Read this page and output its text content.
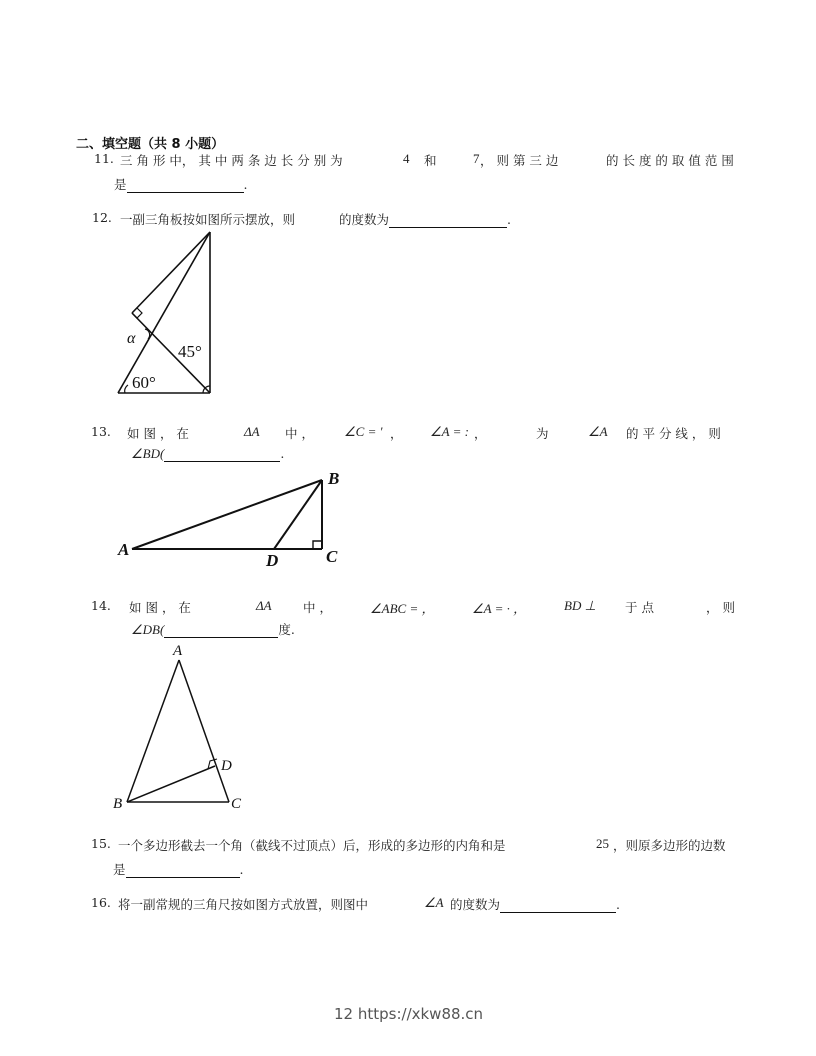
二、填空题（共 8 小题）
11. 三 角 形 中， 其 中 两 条 边 长 分 别 为	4 和	7 ， 则 第 三 边	的 长 度 的 取 值 范 围
是	.
12. 一副三角板按如图所示摆放，则	的度数为	.
α
45°
60°
13. 如 图 ， 在	ΔA 中 ， ∠C = ' ， ∠A = : ，	为	∠A 的 平 分 线 ， 则
∠BD(	.
A
B
C
D
14. 如 图 ， 在	ΔA	中 ，	∠ABC = ，	∠A = · ，	BD ⊥ 于 点	， 则
∠DB(	度.
A
B	C
D
15. 一个多边形截去一个角（截线不过顶点）后，形成的多边形的内角和是	25 ，则原多边形的边数
是	.
16. 将一副常规的三角尺按如图方式放置，则图中	∠A 的度数为	.
12 https://xkw88.cn
